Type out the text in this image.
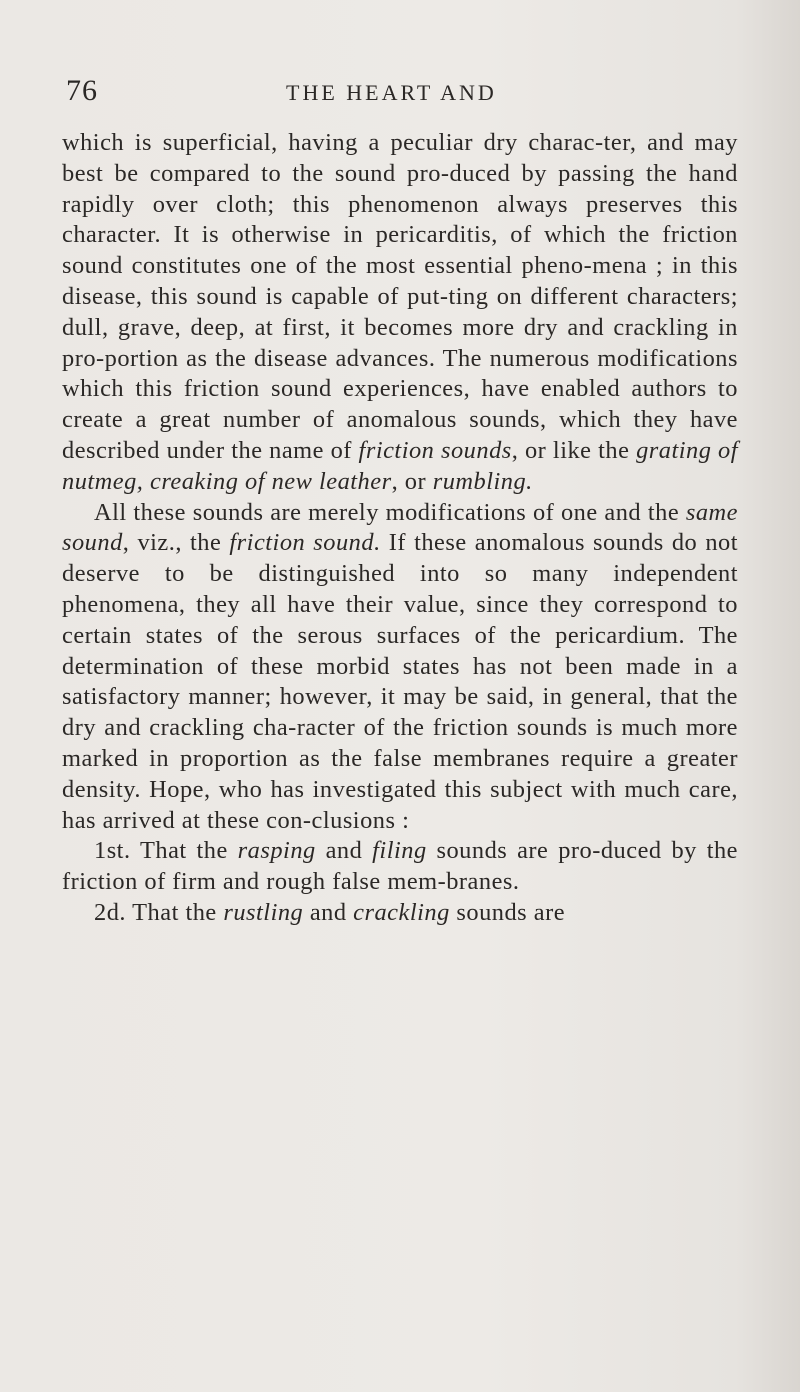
76	THE HEART AND

which is superficial, having a peculiar dry charac-ter, and may best be compared to the sound pro-duced by passing the hand rapidly over cloth; this phenomenon always preserves this character. It is otherwise in pericarditis, of which the friction sound constitutes one of the most essential pheno-mena ; in this disease, this sound is capable of put-ting on different characters; dull, grave, deep, at first, it becomes more dry and crackling in pro-portion as the disease advances. The numerous modifications which this friction sound experiences, have enabled authors to create a great number of anomalous sounds, which they have described under the name of friction sounds, or like the grating of nutmeg, creaking of new leather, or rumbling.

All these sounds are merely modifications of one and the same sound, viz., the friction sound. If these anomalous sounds do not deserve to be distinguished into so many independent phenomena, they all have their value, since they correspond to certain states of the serous surfaces of the pericardium. The determination of these morbid states has not been made in a satisfactory manner; however, it may be said, in general, that the dry and crackling cha-racter of the friction sounds is much more marked in proportion as the false membranes require a greater density. Hope, who has investigated this subject with much care, has arrived at these con-clusions :

1st. That the rasping and filing sounds are pro-duced by the friction of firm and rough false mem-branes.

2d. That the rustling and crackling sounds are
